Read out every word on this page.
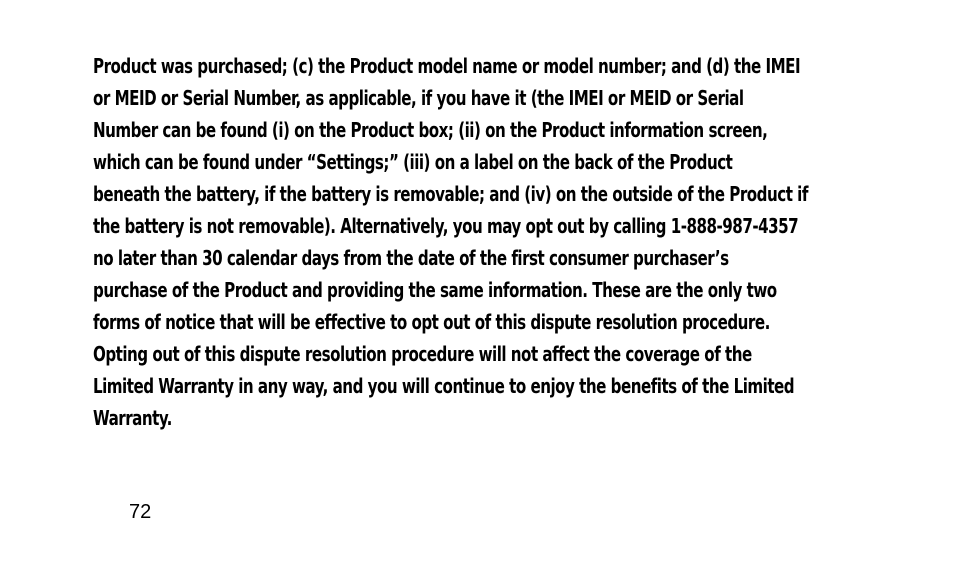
Product was purchased; (c) the Product model name or model number; and (d) the IMEI
or MEID or Serial Number, as applicable, if you have it (the IMEI or MEID or Serial
Number can be found (i) on the Product box; (ii) on the Product information screen,
which can be found under “Settings;” (iii) on a label on the back of the Product
beneath the battery, if the battery is removable; and (iv) on the outside of the Product if
the battery is not removable). Alternatively, you may opt out by calling 1-888-987-4357
no later than 30 calendar days from the date of the first consumer purchaser’s
purchase of the Product and providing the same information. These are the only two
forms of notice that will be effective to opt out of this dispute resolution procedure.
Opting out of this dispute resolution procedure will not affect the coverage of the
Limited Warranty in any way, and you will continue to enjoy the benefits of the Limited
Warranty.

72
